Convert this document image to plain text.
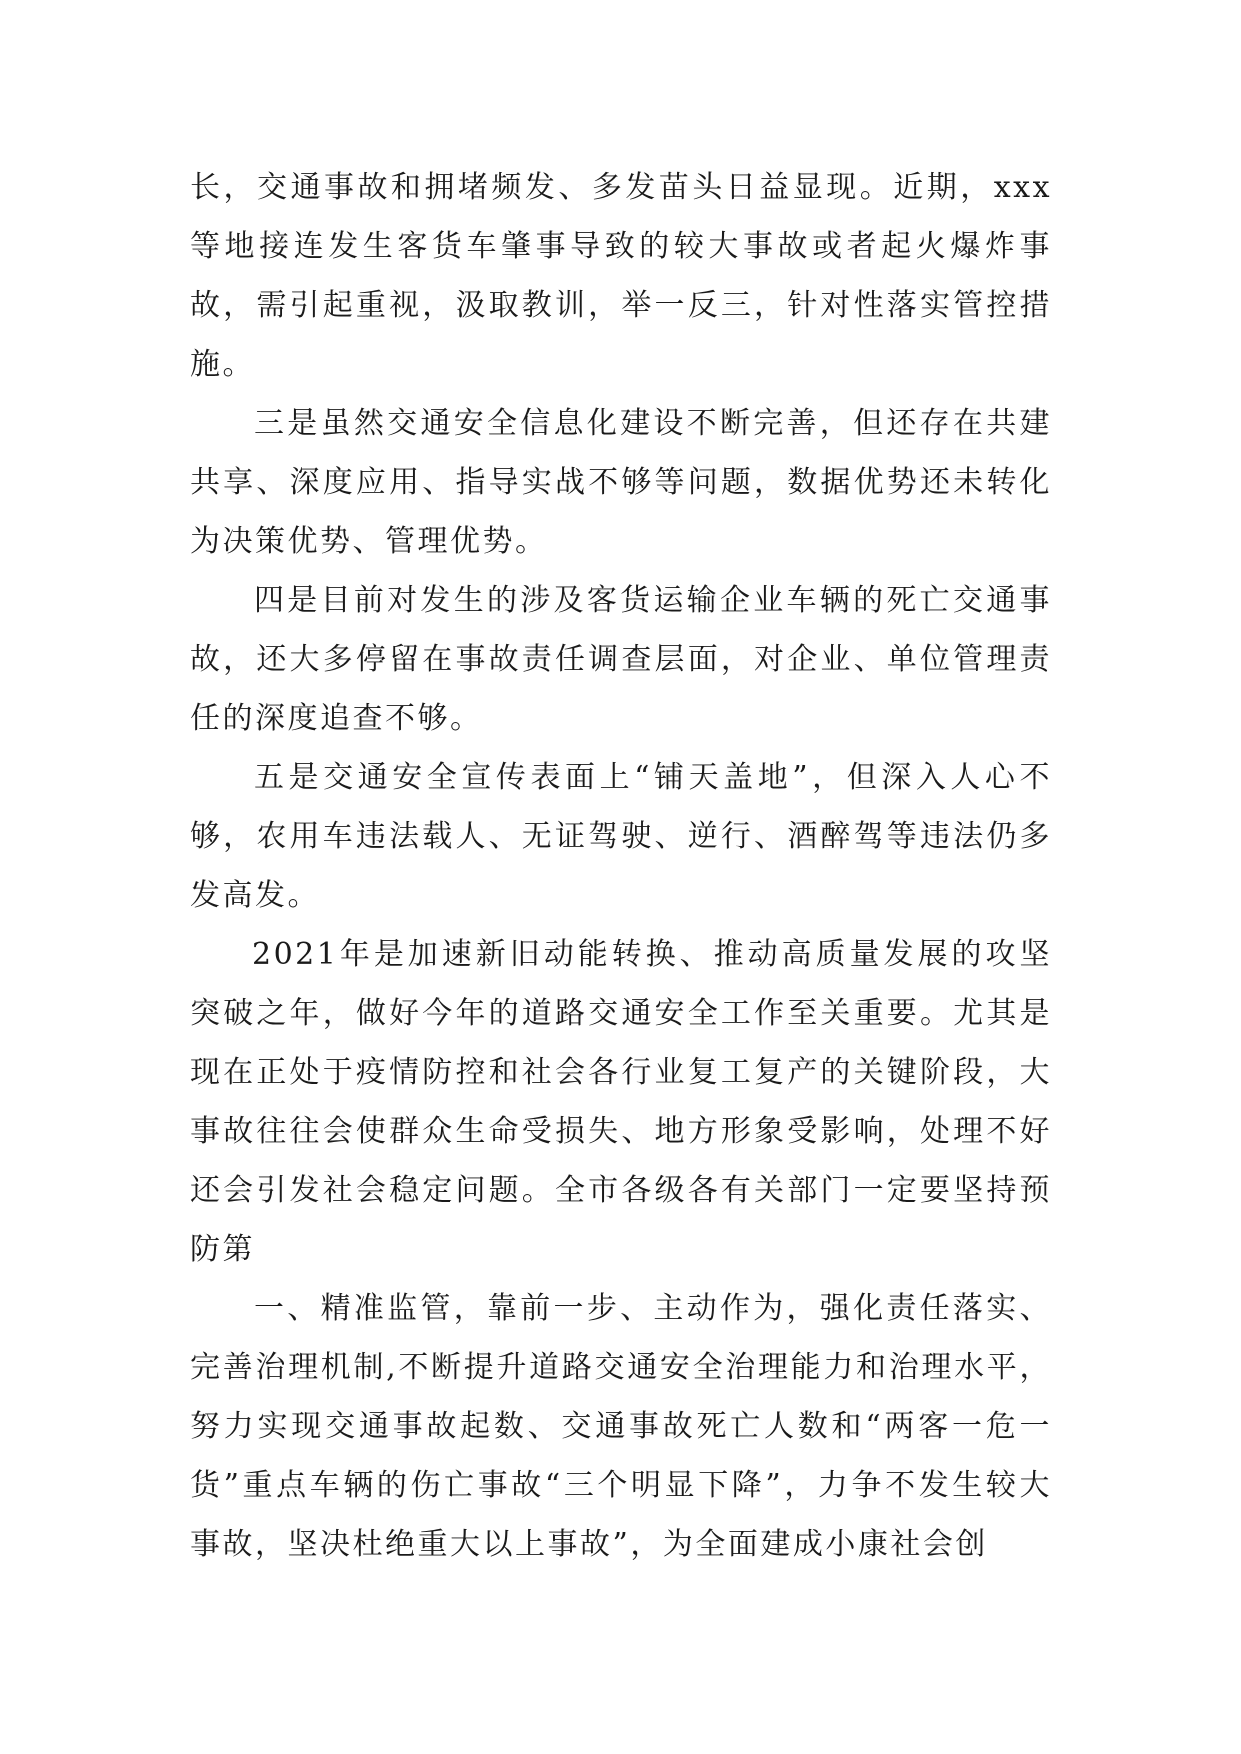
长，交通事故和拥堵频发、多发苗头日益显现。近期，xxx等地接连发生客货车肇事导致的较大事故或者起火爆炸事故，需引起重视，汲取教训，举一反三，针对性落实管控措施。

三是虽然交通安全信息化建设不断完善，但还存在共建共享、深度应用、指导实战不够等问题，数据优势还未转化为决策优势、管理优势。

四是目前对发生的涉及客货运输企业车辆的死亡交通事故，还大多停留在事故责任调查层面，对企业、单位管理责任的深度追查不够。

五是交通安全宣传表面上“铺天盖地”，但深入人心不够，农用车违法载人、无证驾驶、逆行、酒醉驾等违法仍多发高发。

2021年是加速新旧动能转换、推动高质量发展的攻坚突破之年，做好今年的道路交通安全工作至关重要。尤其是现在正处于疫情防控和社会各行业复工复产的关键阶段，大事故往往会使群众生命受损失、地方形象受影响，处理不好还会引发社会稳定问题。全市各级各有关部门一定要坚持预防第

一、精准监管，靠前一步、主动作为，强化责任落实、完善治理机制,不断提升道路交通安全治理能力和治理水平，努力实现交通事故起数、交通事故死亡人数和“两客一危一货”重点车辆的伤亡事故“三个明显下降”，力争不发生较大事故，坚决杜绝重大以上事故”，为全面建成小康社会创
